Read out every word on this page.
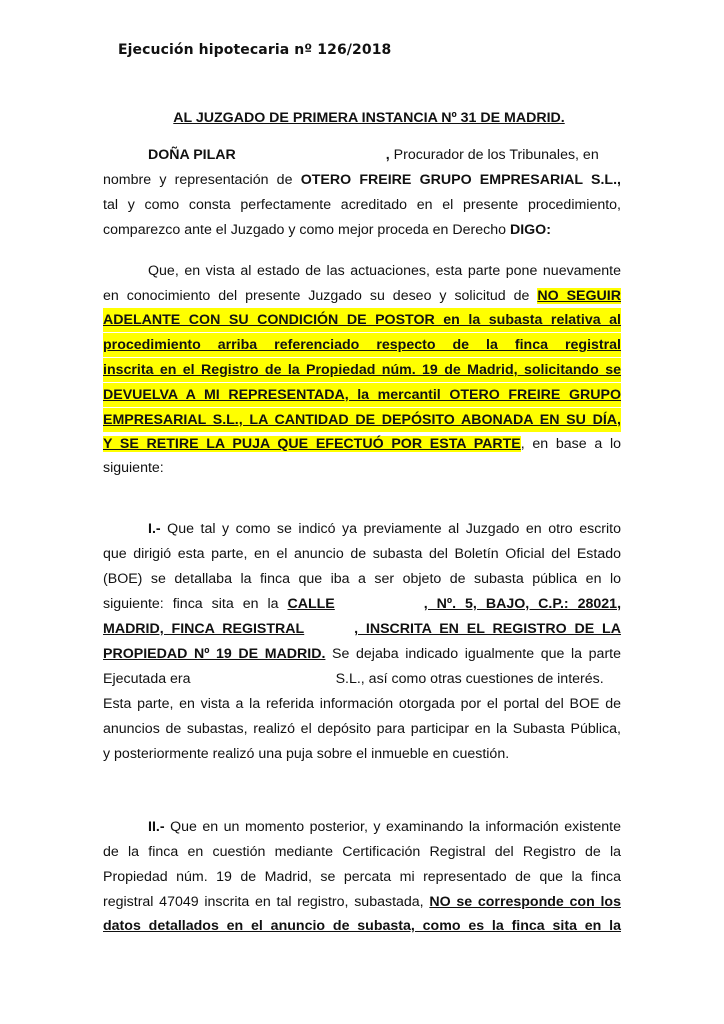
Ejecución hipotecaria nº 126/2018
AL JUZGADO DE PRIMERA INSTANCIA Nº 31 DE MADRID.
DOÑA PILAR	, Procurador de los Tribunales, en
nombre y representación de OTERO FREIRE GRUPO EMPRESARIAL S.L.,
tal y como consta perfectamente acreditado en el presente procedimiento,
comparezco ante el Juzgado y como mejor proceda en Derecho DIGO:
Que, en vista al estado de las actuaciones, esta parte pone nuevamente
en conocimiento del presente Juzgado su deseo y solicitud de NO SEGUIR
ADELANTE CON SU CONDICIÓN DE POSTOR en la subasta relativa al
procedimiento arriba referenciado respecto de la finca registral
inscrita en el Registro de la Propiedad núm. 19 de Madrid, solicitando se
DEVUELVA A MI REPRESENTADA, la mercantil OTERO FREIRE GRUPO
EMPRESARIAL S.L., LA CANTIDAD DE DEPÓSITO ABONADA EN SU DÍA,
Y SE RETIRE LA PUJA QUE EFECTUÓ POR ESTA PARTE, en base a lo
siguiente:
I.- Que tal y como se indicó ya previamente al Juzgado en otro escrito
que dirigió esta parte, en el anuncio de subasta del Boletín Oficial del Estado
(BOE) se detallaba la finca que iba a ser objeto de subasta pública en lo
siguiente: finca sita en la CALLE	, Nº. 5, BAJO, C.P.: 28021,
MADRID, FINCA REGISTRAL	, INSCRITA EN EL REGISTRO DE LA
PROPIEDAD Nº 19 DE MADRID. Se dejaba indicado igualmente que la parte
Ejecutada era	S.L., así como otras cuestiones de interés.
Esta parte, en vista a la referida información otorgada por el portal del BOE de
anuncios de subastas, realizó el depósito para participar en la Subasta Pública,
y posteriormente realizó una puja sobre el inmueble en cuestión.
II.- Que en un momento posterior, y examinando la información existente
de la finca en cuestión mediante Certificación Registral del Registro de la
Propiedad núm. 19 de Madrid, se percata mi representado de que la finca
registral 47049 inscrita en tal registro, subastada, NO se corresponde con los
datos detallados en el anuncio de subasta, como es la finca sita en la
